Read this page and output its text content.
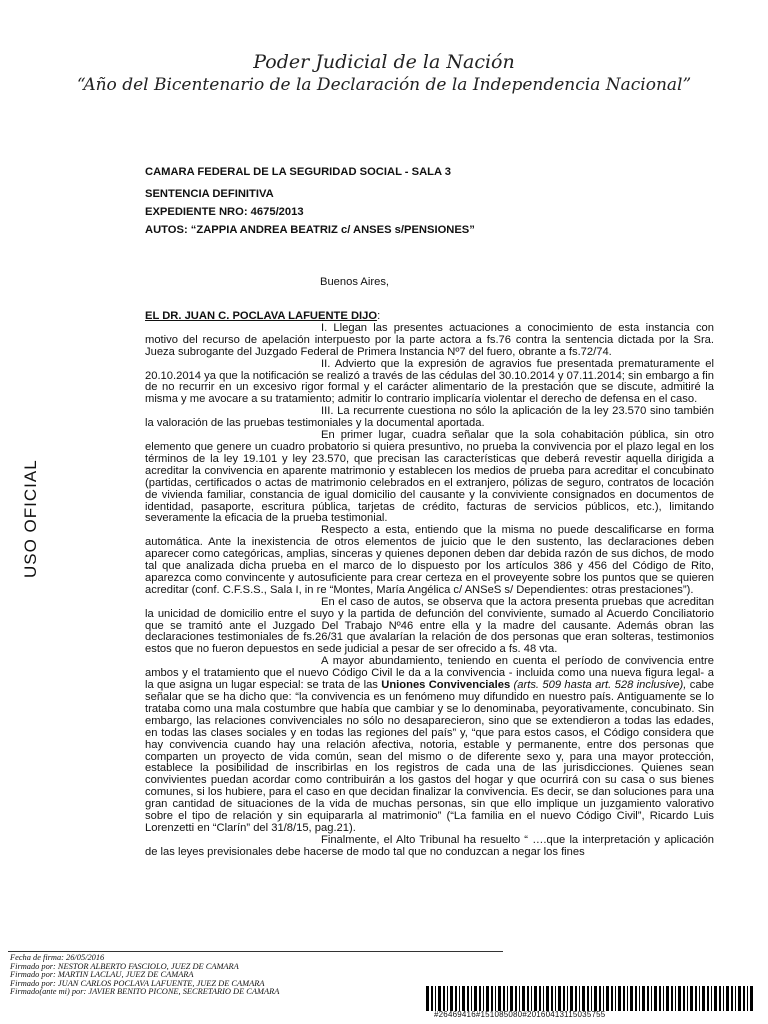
Poder Judicial de la Nación
“Año del Bicentenario de la Declaración de la Independencia Nacional”
CAMARA FEDERAL DE LA SEGURIDAD SOCIAL - SALA 3
SENTENCIA DEFINITIVA
EXPEDIENTE NRO: 4675/2013
AUTOS: “ZAPPIA ANDREA BEATRIZ c/ ANSES s/PENSIONES”
Buenos Aires,
USO OFICIAL

EL DR. JUAN C. POCLAVA LAFUENTE DIJO:

I. Llegan las presentes actuaciones a conocimiento de esta instancia con motivo del recurso de apelación interpuesto por la parte actora a fs.76 contra la sentencia dictada por la Sra. Jueza subrogante del Juzgado Federal de Primera Instancia Nº7 del fuero, obrante a fs.72/74.

II. Advierto que la expresión de agravios fue presentada prematuramente el 20.10.2014 ya que la notificación se realizó a través de las cédulas del 30.10.2014 y 07.11.2014; sin embargo a fin de no recurrir en un excesivo rigor formal y el carácter alimentario de la prestación que se discute, admitiré la misma y me avocare a su tratamiento; admitir lo contrario implicaría violentar el derecho de defensa en el caso.

III. La recurrente cuestiona no sólo la aplicación de la ley 23.570 sino también la valoración de las pruebas testimoniales y la documental aportada.

En primer lugar, cuadra señalar que la sola cohabitación pública, sin otro elemento que genere un cuadro probatorio si quiera presuntivo, no prueba la convivencia por el plazo legal en los términos de la ley 19.101 y ley 23.570, que precisan las características que deberá revestir aquella dirigida a acreditar la convivencia en aparente matrimonio y establecen los medios de prueba para acreditar el concubinato (partidas, certificados o actas de matrimonio celebrados en el extranjero, pólizas de seguro, contratos de locación de vivienda familiar, constancia de igual domicilio del causante y la conviviente consignados en documentos de identidad, pasaporte, escritura pública, tarjetas de crédito, facturas de servicios públicos, etc.), limitando severamente la eficacia de la prueba testimonial.

Respecto a esta, entiendo que la misma no puede descalificarse en forma automática. Ante la inexistencia de otros elementos de juicio que le den sustento, las declaraciones deben aparecer como categóricas, amplias, sinceras y quienes deponen deben dar debida razón de sus dichos, de modo tal que analizada dicha prueba en el marco de lo dispuesto por los artículos 386 y 456 del Código de Rito, aparezca como convincente y autosuficiente para crear certeza en el proveyente sobre los puntos que se quieren acreditar (conf. C.F.S.S., Sala I, in re “Montes, María Angélica c/ ANSeS s/ Dependientes: otras prestaciones”).

En el caso de autos, se observa que la actora presenta pruebas que acreditan la unicidad de domicilio entre el suyo y la partida de defunción del conviviente, sumado al Acuerdo Conciliatorio que se tramitó ante el Juzgado Del Trabajo Nº46 entre ella y la madre del causante. Además obran las declaraciones testimoniales de fs.26/31 que avalarían la relación de dos personas que eran solteras, testimonios estos que no fueron depuestos en sede judicial a pesar de ser ofrecido a fs. 48 vta.

A mayor abundamiento, teniendo en cuenta el período de convivencia entre ambos y el tratamiento que el nuevo Código Civil le da a la convivencia - incluida como una nueva figura legal- a la que asigna un lugar especial: se trata de las Uniones Convivenciales (arts. 509 hasta art. 528 inclusive), cabe señalar que se ha dicho que: “la convivencia es un fenómeno muy difundido en nuestro país. Antiguamente se lo trataba como una mala costumbre que había que cambiar y se lo denominaba, peyorativamente, concubinato. Sin embargo, las relaciones convivenciales no sólo no desaparecieron, sino que se extendieron a todas las edades, en todas las clases sociales y en todas las regiones del país” y, “que para estos casos, el Código considera que hay convivencia cuando hay una relación afectiva, notoria, estable y permanente, entre dos personas que comparten un proyecto de vida común, sean del mismo o de diferente sexo y, para una mayor protección, establece la posibilidad de inscribirlas en los registros de cada una de las jurisdicciones. Quienes sean convivientes puedan acordar como contribuirán a los gastos del hogar y que ocurrirá con su casa o sus bienes comunes, si los hubiere, para el caso en que decidan finalizar la convivencia. Es decir, se dan soluciones para una gran cantidad de situaciones de la vida de muchas personas, sin que ello implique un juzgamiento valorativo sobre el tipo de relación y sin equipararla al matrimonio” (“La familia en el nuevo Código Civil”, Ricardo Luis Lorenzetti en “Clarín” del 31/8/15, pag.21).

Finalmente, el Alto Tribunal ha resuelto “ ….que la interpretación y aplicación de las leyes previsionales debe hacerse de modo tal que no conduzcan a negar los fines

Fecha de firma: 26/05/2016
Firmado por: NESTOR ALBERTO FASCIOLO, JUEZ DE CAMARA
Firmado por: MARTIN LACLAU, JUEZ DE CAMARA
Firmado por: JUAN CARLOS POCLAVA LAFUENTE, JUEZ DE CAMARA
Firmado(ante mi) por: JAVIER BENITO PICONE, SECRETARIO DE CAMARA
#26469416#151085080#20160413115035755
